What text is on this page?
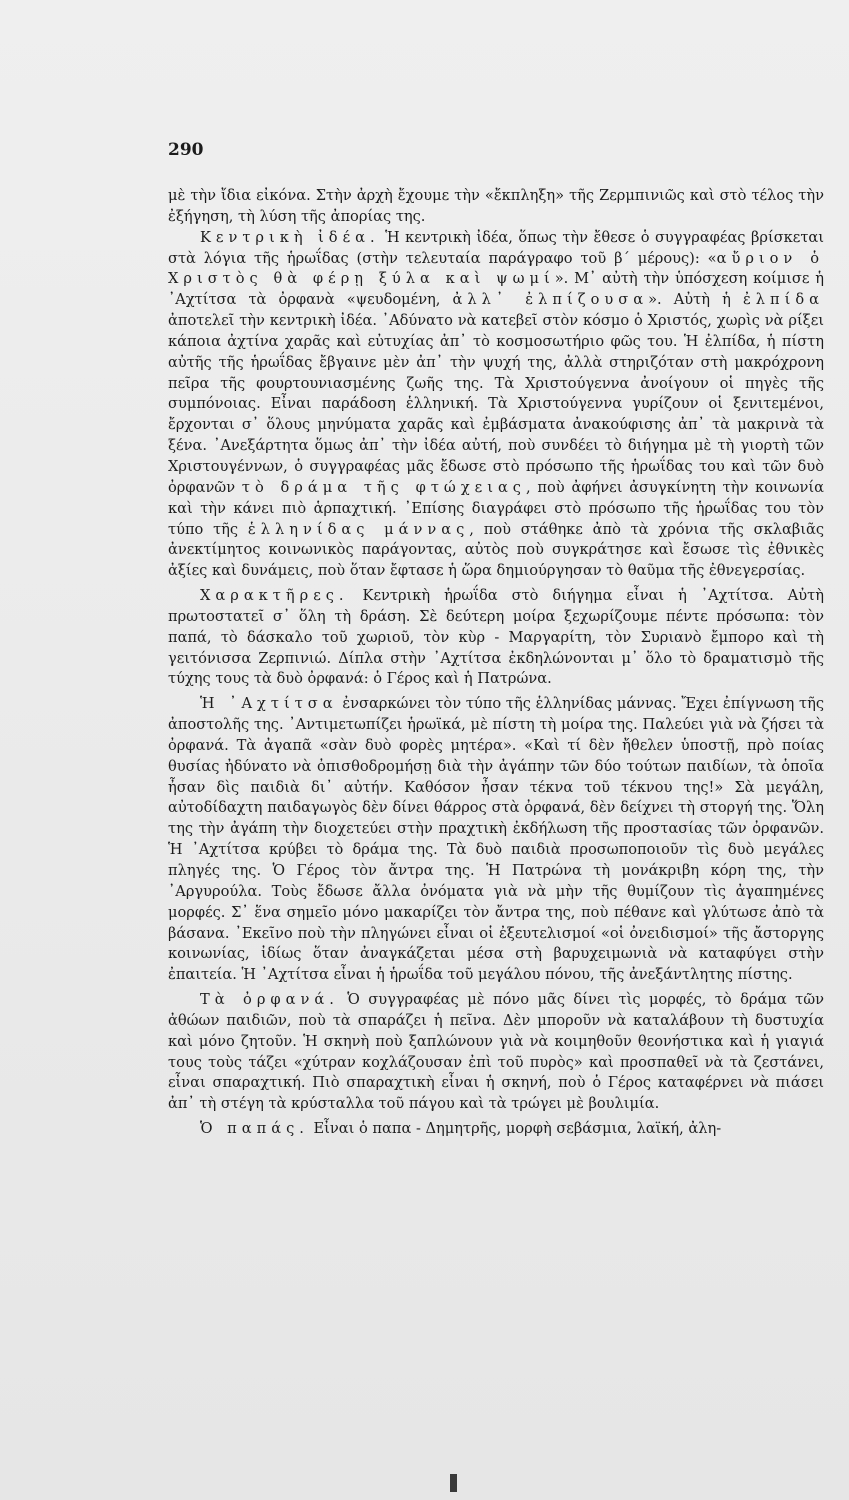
290

μὲ τὴν ἴδια εἰκόνα. Στὴν ἀρχὴ ἔχουμε τὴν «ἔκπληξη» τῆς Ζερμπινιῶς καὶ στὸ τέλος τὴν ἐξήγηση, τὴ λύση τῆς ἀπορίας της.

Κεντρικὴ ἰδέα. Ἡ κεντρικὴ ἰδέα, ὅπως τὴν ἔθεσε ὁ συγγραφέας βρίσκεται στὰ λόγια τῆς ἡρωΐδας (στὴν τελευταία παράγραφο τοῦ β΄ μέρους): «αὔριον ὁ Χριστὸς θὰ φέρῃ ξύλα καὶ ψωμί». Μ᾿ αὐτὴ τὴν ὑπόσχεση κοίμισε ἡ ᾿Αχτίτσα τὰ ὀρφανὰ «ψευδομένη, ἀλλ᾿ ἐλπίζουσα». Αὐτὴ ἡ ἐλπίδα ἀποτελεῖ τὴν κεντρικὴ ἰδέα. ᾿Αδύνατο νὰ κατεβεῖ στὸν κόσμο ὁ Χριστός, χωρὶς νὰ ρίξει κάποια ἀχτίνα χαρᾶς καὶ εὐτυχίας ἀπ᾿ τὸ κοσμοσωτήριο φῶς του. Ἡ ἐλπίδα, ἡ πίστη αὐτῆς τῆς ἡρωΐδας ἔβγαινε μὲν ἀπ᾿ τὴν ψυχή της, ἀλλὰ στηριζόταν στὴ μακρόχρονη πεῖρα τῆς φουρτουνιασμένης ζωῆς της. Τὰ Χριστούγεννα ἀνοίγουν οἱ πηγὲς τῆς συμπόνοιας. Εἶναι παράδοση ἑλληνική. Τὰ Χριστούγεννα γυρίζουν οἱ ξενιτεμένοι, ἔρχονται σ᾿ ὅλους μηνύματα χαρᾶς καὶ ἐμβάσματα ἀνακούφισης ἀπ᾿ τὰ μακρινὰ τὰ ξένα. ᾿Ανεξάρτητα ὅμως ἀπ᾿ τὴν ἰδέα αὐτή, ποὺ συνδέει τὸ διήγημα μὲ τὴ γιορτὴ τῶν Χριστουγέννων, ὁ συγγραφέας μᾶς ἔδωσε στὸ πρόσωπο τῆς ἡρωΐδας του καὶ τῶν δυὸ ὀρφανῶν τὸ δράμα τῆς φτώχειας, ποὺ ἀφήνει ἀσυγκίνητη τὴν κοινωνία καὶ τὴν κάνει πιὸ ἁρπαχτική. ᾿Επίσης διαγράφει στὸ πρόσωπο τῆς ἡρωΐδας του τὸν τύπο τῆς ἑλληνίδας μάννας, ποὺ στάθηκε ἀπὸ τὰ χρόνια τῆς σκλαβιᾶς ἀνεκτίμητος κοινωνικὸς παράγοντας, αὐτὸς ποὺ συγκράτησε καὶ ἔσωσε τὶς ἐθνικὲς ἀξίες καὶ δυνάμεις, ποὺ ὅταν ἔφτασε ἡ ὥρα δημιούργησαν τὸ θαῦμα τῆς ἐθνεγερσίας.

Χαρακτῆρες. Κεντρικὴ ἡρωΐδα στὸ διήγημα εἶναι ἡ ᾿Αχτίτσα. Αὐτὴ πρωτοστατεῖ σ᾿ ὅλη τὴ δράση. Σὲ δεύτερη μοίρα ξεχωρίζουμε πέντε πρόσωπα: τὸν παπά, τὸ δάσκαλο τοῦ χωριοῦ, τὸν κὺρ - Μαργαρίτη, τὸν Συριανὸ ἔμπορο καὶ τὴ γειτόνισσα Ζερπινιώ. Δίπλα στὴν ᾿Αχτίτσα ἐκδηλώνονται μ᾿ ὅλο τὸ δραματισμὸ τῆς τύχης τους τὰ δυὸ ὀρφανά: ὁ Γέρος καὶ ἡ Πατρώνα.

Ἡ ᾿Αχτίτσα ἐνσαρκώνει τὸν τύπο τῆς ἑλληνίδας μάννας. Ἔχει ἐπίγνωση τῆς ἀποστολῆς της. ᾿Αντιμετωπίζει ἡρωϊκά, μὲ πίστη τὴ μοίρα της. Παλεύει γιὰ νὰ ζήσει τὰ ὀρφανά. Τὰ ἀγαπᾶ «σὰν δυὸ φορὲς μητέρα». «Καὶ τί δὲν ἤθελεν ὑποστῇ, πρὸ ποίας θυσίας ἠδύνατο νὰ ὀπισθοδρομήσῃ διὰ τὴν ἀγάπην τῶν δύο τούτων παιδίων, τὰ ὁποῖα ἦσαν δὶς παιδιὰ δι᾿ αὐτήν. Καθόσον ἦσαν τέκνα τοῦ τέκνου της!» Σὰ μεγάλη, αὐτοδίδαχτη παιδαγωγὸς δὲν δίνει θάρρος στὰ ὀρφανά, δὲν δείχνει τὴ στοργή της. Ὅλη της τὴν ἀγάπη τὴν διοχετεύει στὴν πραχτικὴ ἐκδήλωση τῆς προστασίας τῶν ὀρφανῶν. Ἡ ᾿Αχτίτσα κρύβει τὸ δράμα της. Τὰ δυὸ παιδιὰ προσωποποιοῦν τὶς δυὸ μεγάλες πληγές της. Ὁ Γέρος τὸν ἄντρα της. Ἡ Πατρώνα τὴ μονάκριβη κόρη της, τὴν ᾿Αργυρούλα. Τοὺς ἔδωσε ἄλλα ὀνόματα γιὰ νὰ μὴν τῆς θυμίζουν τὶς ἀγαπημένες μορφές. Σ᾿ ἕνα σημεῖο μόνο μακαρίζει τὸν ἄντρα της, ποὺ πέθανε καὶ γλύτωσε ἀπὸ τὰ βάσανα. ᾿Εκεῖνο ποὺ τὴν πληγώνει εἶναι οἱ ἐξευτελισμοί «οἱ ὀνειδισμοί» τῆς ἄστοργης κοινωνίας, ἰδίως ὅταν ἀναγκάζεται μέσα στὴ βαρυχειμωνιὰ νὰ καταφύγει στὴν ἐπαιτεία. Ἡ ᾿Αχτίτσα εἶναι ἡ ἡρωΐδα τοῦ μεγάλου πόνου, τῆς ἀνεξάντλητης πίστης.

Τὰ ὀρφανά. Ὁ συγγραφέας μὲ πόνο μᾶς δίνει τὶς μορφές, τὸ δράμα τῶν ἀθώων παιδιῶν, ποὺ τὰ σπαράζει ἡ πεῖνα. Δὲν μποροῦν νὰ καταλάβουν τὴ δυστυχία καὶ μόνο ζητοῦν. Ἡ σκηνὴ ποὺ ξαπλώνουν γιὰ νὰ κοιμηθοῦν θεονήστικα καὶ ἡ γιαγιά τους τοὺς τάζει «χύτραν κοχλάζουσαν ἐπὶ τοῦ πυρὸς» καὶ προσπαθεῖ νὰ τὰ ζεστάνει, εἶναι σπαραχτική. Πιὸ σπαραχτικὴ εἶναι ἡ σκηνή, ποὺ ὁ Γέρος καταφέρνει νὰ πιάσει ἀπ᾿ τὴ στέγη τὰ κρύσταλλα τοῦ πάγου καὶ τὰ τρώγει μὲ βουλιμία.

Ὁ παπάς. Εἶναι ὁ παπα - Δημητρῆς, μορφὴ σεβάσμια, λαϊκή, ἀλη-
